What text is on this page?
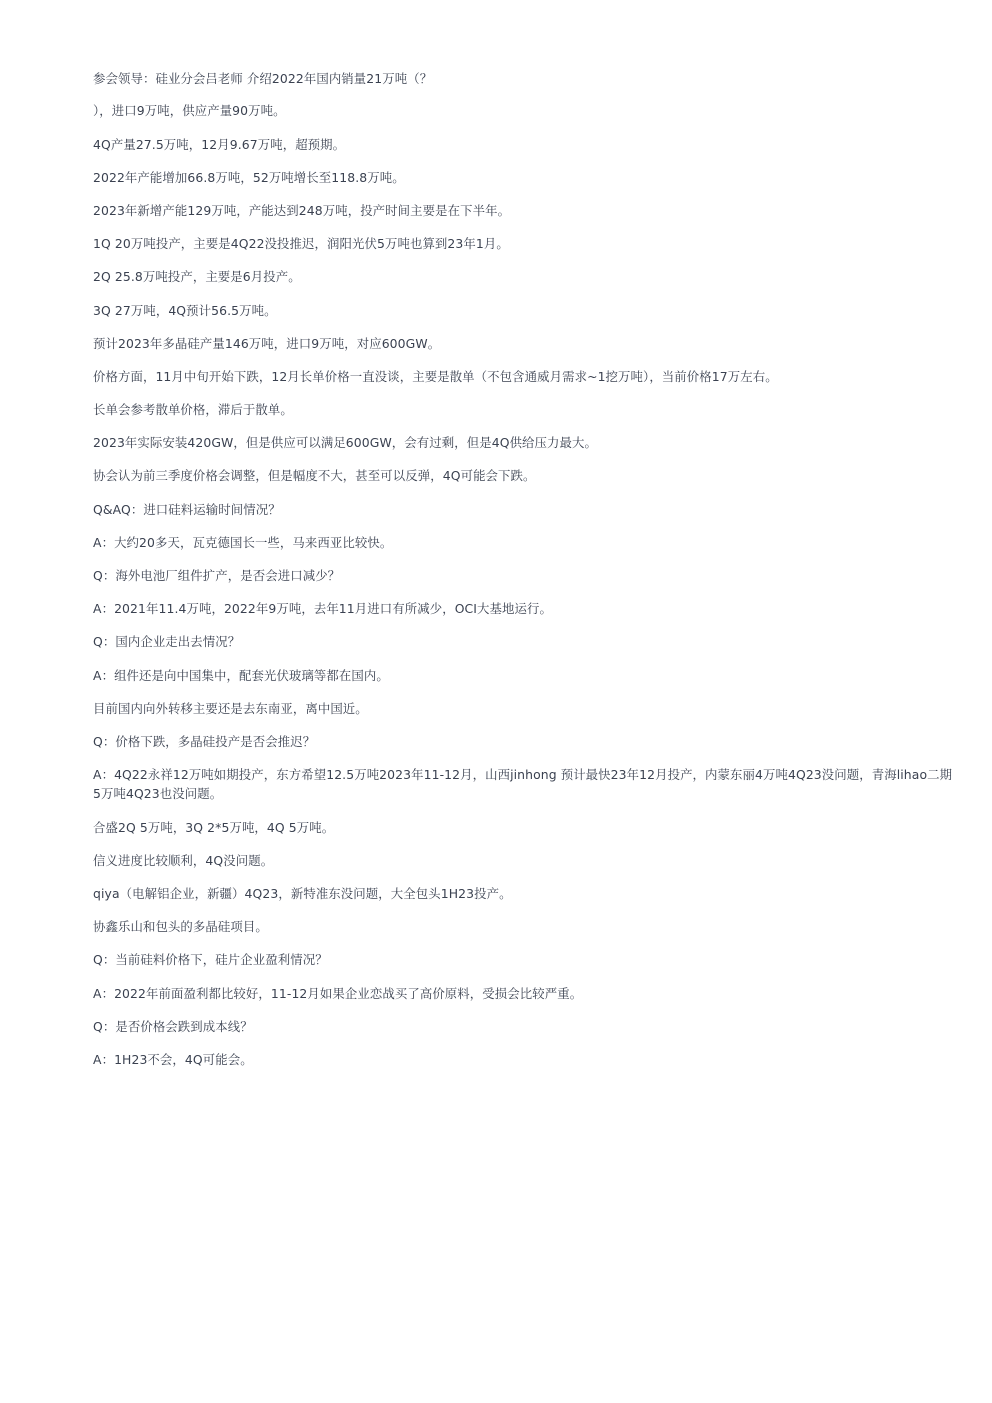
参会领导：硅业分会吕老师 介绍2022年国内销量21万吨（？

），进口9万吨，供应产量90万吨。

4Q产量27.5万吨，12月9.67万吨，超预期。

2022年产能增加66.8万吨，52万吨增长至118.8万吨。

2023年新增产能129万吨，产能达到248万吨，投产时间主要是在下半年。

1Q 20万吨投产，主要是4Q22没投推迟，润阳光伏5万吨也算到23年1月。

2Q 25.8万吨投产，主要是6月投产。

3Q 27万吨，4Q预计56.5万吨。

预计2023年多晶硅产量146万吨，进口9万吨，对应600GW。

价格方面，11月中旬开始下跌，12月长单价格一直没谈，主要是散单（不包含通威月需求~1挖万吨），当前价格17万左右。

长单会参考散单价格，滞后于散单。

2023年实际安装420GW，但是供应可以满足600GW，会有过剩，但是4Q供给压力最大。

协会认为前三季度价格会调整，但是幅度不大，甚至可以反弹，4Q可能会下跌。

Q&AQ：进口硅料运输时间情况？

A：大约20多天，瓦克德国长一些，马来西亚比较快。

Q：海外电池厂组件扩产，是否会进口减少？

A：2021年11.4万吨，2022年9万吨，去年11月进口有所减少，OCI大基地运行。

Q：国内企业走出去情况？

A：组件还是向中国集中，配套光伏玻璃等都在国内。

目前国内向外转移主要还是去东南亚，离中国近。

Q：价格下跌，多晶硅投产是否会推迟？

A：4Q22永祥12万吨如期投产，东方希望12.5万吨2023年11-12月，山西jinhong 预计最快23年12月投产，内蒙东丽4万吨4Q23没问题，青海lihao二期5万吨4Q23也没问题。

合盛2Q 5万吨，3Q 2*5万吨，4Q 5万吨。

信义进度比较顺利，4Q没问题。

qiya（电解铝企业，新疆）4Q23，新特准东没问题，大全包头1H23投产。

协鑫乐山和包头的多晶硅项目。

Q：当前硅料价格下，硅片企业盈利情况？

A：2022年前面盈利都比较好，11-12月如果企业恋战买了高价原料，受损会比较严重。

Q：是否价格会跌到成本线？

A：1H23不会，4Q可能会。
